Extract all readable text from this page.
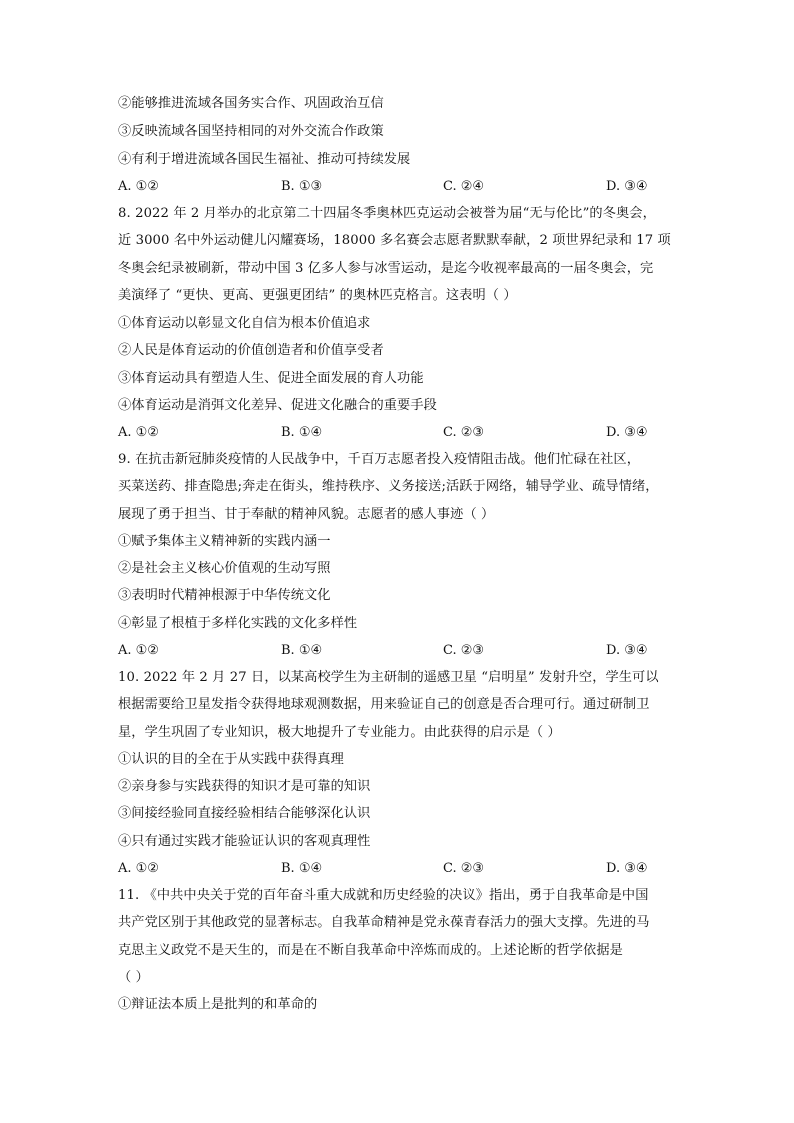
②能够推进流域各国务实合作、巩固政治互信
③反映流域各国坚持相同的对外交流合作政策
④有利于增进流域各国民生福祉、推动可持续发展
A. ①②	B. ①③	C. ②④	D. ③④
8. 2022 年 2 月举办的北京第二十四届冬季奥林匹克运动会被誉为届“无与伦比”的冬奥会，
近 3000 名中外运动健儿闪耀赛场，18000 多名赛会志愿者默默奉献，2 项世界纪录和 17 项
冬奥会纪录被刷新，带动中国 3 亿多人参与冰雪运动，是迄今收视率最高的一届冬奥会，完
美演绎了 “更快、更高、更强更团结” 的奥林匹克格言。这表明（ ）
①体育运动以彰显文化自信为根本价值追求
②人民是体育运动的价值创造者和价值享受者
③体育运动具有塑造人生、促进全面发展的育人功能
④体育运动是消弭文化差异、促进文化融合的重要手段
A. ①②	B. ①④	C. ②③	D. ③④
9. 在抗击新冠肺炎疫情的人民战争中，千百万志愿者投入疫情阻击战。他们忙碌在社区，
买菜送药、排查隐患;奔走在街头，维持秩序、义务接送;活跃于网络，辅导学业、疏导情绪，
展现了勇于担当、甘于奉献的精神风貌。志愿者的感人事迹（ ）
①赋予集体主义精神新的实践内涵一
②是社会主义核心价值观的生动写照
③表明时代精神根源于中华传统文化
④彰显了根植于多样化实践的文化多样性
A. ①②	B. ①④	C. ②③	D. ③④
10. 2022 年 2 月 27 日，以某高校学生为主研制的遥感卫星 “启明星” 发射升空，学生可以
根据需要给卫星发指令获得地球观测数据，用来验证自己的创意是否合理可行。通过研制卫
星，学生巩固了专业知识，极大地提升了专业能力。由此获得的启示是（ ）
①认识的目的全在于从实践中获得真理
②亲身参与实践获得的知识才是可靠的知识
③间接经验同直接经验相结合能够深化认识
④只有通过实践才能验证认识的客观真理性
A. ①②	B. ①④	C. ②③	D. ③④
11. 《中共中央关于党的百年奋斗重大成就和历史经验的决议》指出，勇于自我革命是中国
共产党区别于其他政党的显著标志。自我革命精神是党永葆青春活力的强大支撑。先进的马
克思主义政党不是天生的，而是在不断自我革命中淬炼而成的。上述论断的哲学依据是
（ ）
①辩证法本质上是批判的和革命的
